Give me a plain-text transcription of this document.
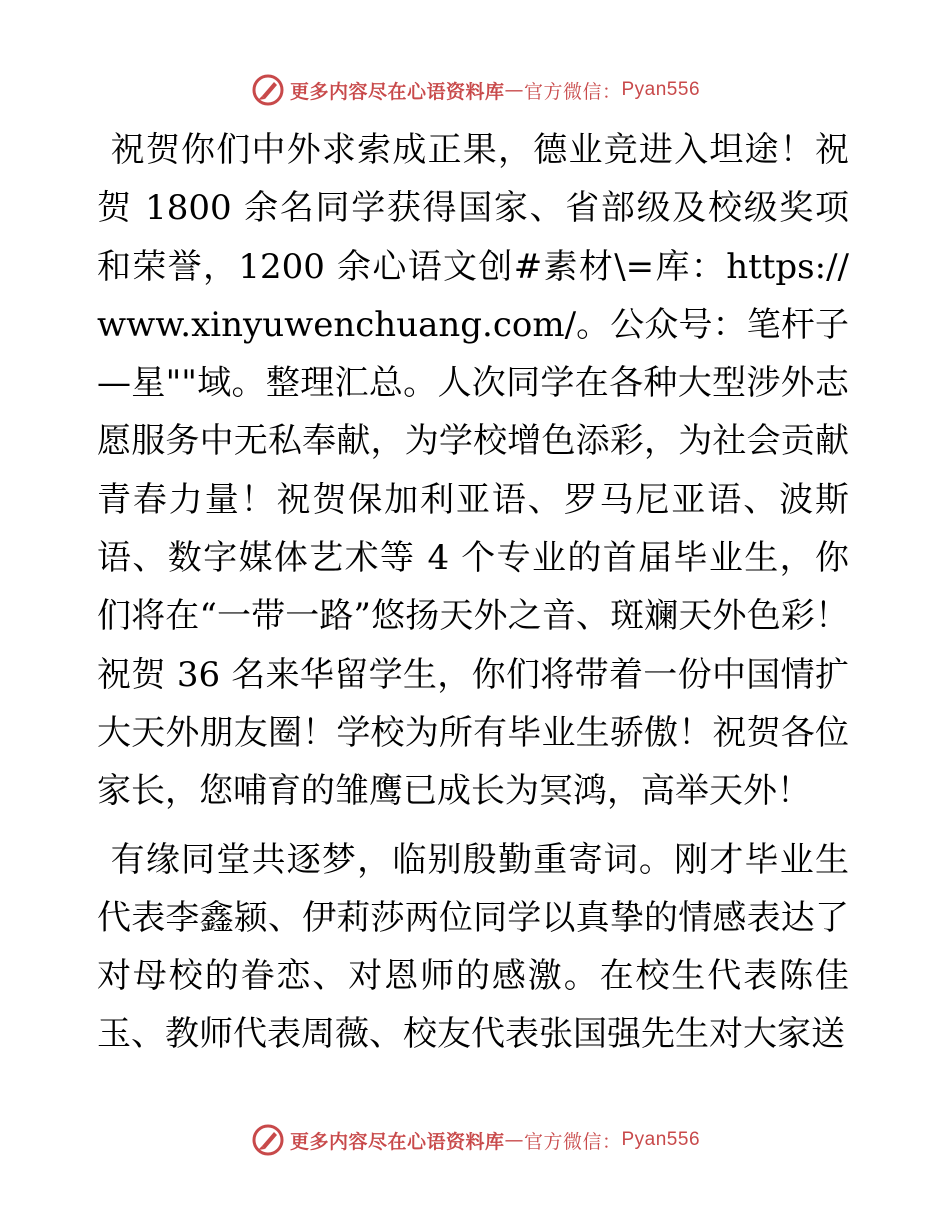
更多内容尽在心语资料库 — 官方微信： Pyan556

祝贺你们中外求索成正果，德业竞进入坦途！祝贺 1800 余名同学获得国家、省部级及校级奖项和荣誉，1200 余心语文创#素材\=库：https://www.xinyuwenchuang.com/。公众号：笔杆子—星""域。整理汇总。人次同学在各种大型涉外志愿服务中无私奉献，为学校增色添彩，为社会贡献青春力量！祝贺保加利亚语、罗马尼亚语、波斯语、数字媒体艺术等 4 个专业的首届毕业生，你们将在“一带一路”悠扬天外之音、斑斓天外色彩！祝贺 36 名来华留学生，你们将带着一份中国情扩大天外朋友圈！学校为所有毕业生骄傲！祝贺各位家长，您哺育的雏鹰已成长为冥鸿，高举天外！

有缘同堂共逐梦，临别殷勤重寄词。刚才毕业生代表李鑫颍、伊莉莎两位同学以真挚的情感表达了对母校的眷恋、对恩师的感激。在校生代表陈佳玉、教师代表周薇、校友代表张国强先生对大家送

更多内容尽在心语资料库 — 官方微信： Pyan556
